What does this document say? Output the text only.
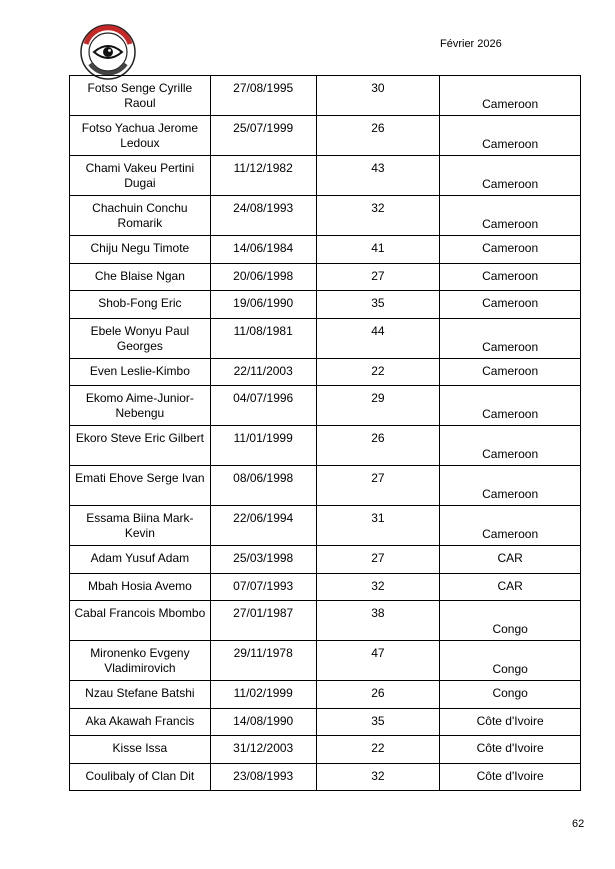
Février 2026
Fotso Senge Cyrille Raoul	27/08/1995	30	Cameroon
Fotso Yachua Jerome Ledoux	25/07/1999	26	Cameroon
Chami Vakeu Pertini Dugai	11/12/1982	43	Cameroon
Chachuin Conchu Romarik	24/08/1993	32	Cameroon
Chiju Negu Timote	14/06/1984	41	Cameroon
Che Blaise Ngan	20/06/1998	27	Cameroon
Shob-Fong Eric	19/06/1990	35	Cameroon
Ebele Wonyu Paul Georges	11/08/1981	44	Cameroon
Even Leslie-Kimbo	22/11/2003	22	Cameroon
Ekomo Aime-Junior-Nebengu	04/07/1996	29	Cameroon
Ekoro Steve Eric Gilbert	11/01/1999	26	Cameroon
Emati Ehove Serge Ivan	08/06/1998	27	Cameroon
Essama Biina Mark-Kevin	22/06/1994	31	Cameroon
Adam Yusuf Adam	25/03/1998	27	CAR
Mbah Hosia Avemo	07/07/1993	32	CAR
Cabal Francois Mbombo	27/01/1987	38	Congo
Mironenko Evgeny Vladimirovich	29/11/1978	47	Congo
Nzau Stefane Batshi	11/02/1999	26	Congo
Aka Akawah Francis	14/08/1990	35	Côte d'Ivoire
Kisse Issa	31/12/2003	22	Côte d'Ivoire
Coulibaly of Clan Dit	23/08/1993	32	Côte d'Ivoire
62
